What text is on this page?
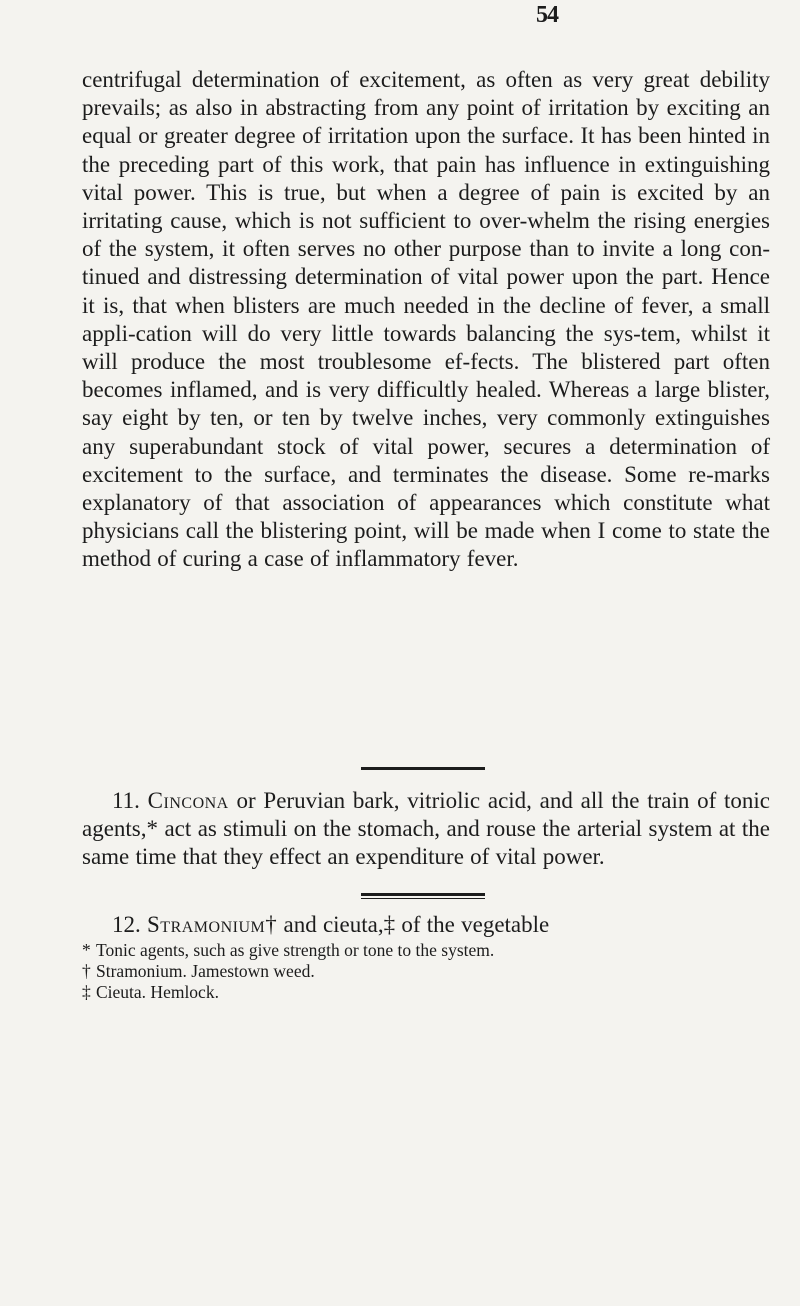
54

centrifugal determination of excitement, as often as very great debility prevails; as also in abstracting from any point of irritation by exciting an equal or greater degree of irritation upon the surface. It has been hinted in the preceding part of this work, that pain has influence in extinguishing vital power. This is true, but when a degree of pain is excited by an irritating cause, which is not sufficient to over-whelm the rising energies of the system, it often serves no other purpose than to invite a long con-tinued and distressing determination of vital power upon the part. Hence it is, that when blisters are much needed in the decline of fever, a small appli-cation will do very little towards balancing the sys-tem, whilst it will produce the most troublesome ef-fects. The blistered part often becomes inflamed, and is very difficultly healed. Whereas a large blister, say eight by ten, or ten by twelve inches, very commonly extinguishes any superabundant stock of vital power, secures a determination of excitement to the surface, and terminates the disease. Some re-marks explanatory of that association of appearances which constitute what physicians call the blistering point, will be made when I come to state the method of curing a case of inflammatory fever.

11. Cincona or Peruvian bark, vitriolic acid, and all the train of tonic agents,* act as stimuli on the stomach, and rouse the arterial system at the same time that they effect an expenditure of vital power.

12. Stramonium† and cieuta,‡ of the vegetable

* Tonic agents, such as give strength or tone to the system.

† Stramonium. Jamestown weed.

‡ Cieuta. Hemlock.
